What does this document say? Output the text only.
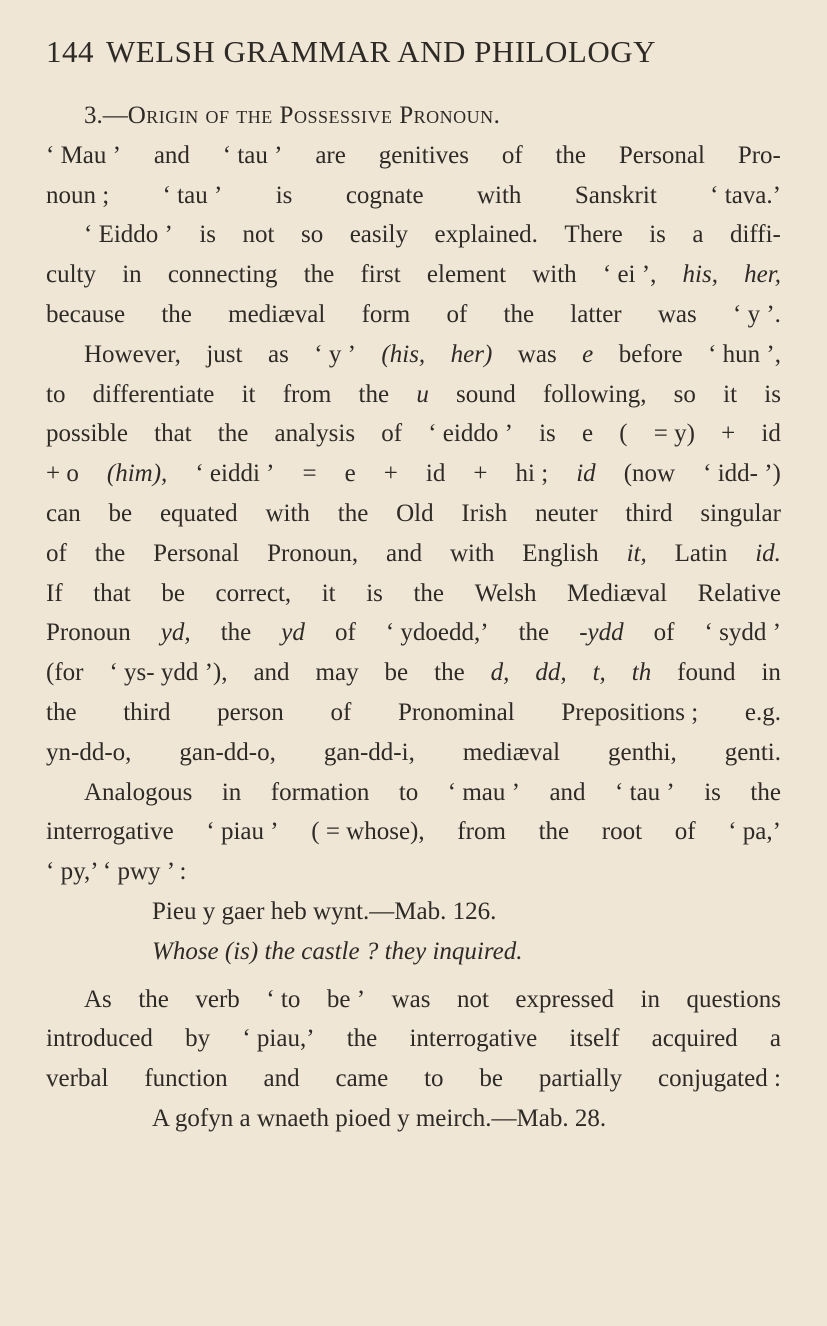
144 WELSH GRAMMAR AND PHILOLOGY
3.— Origin of the Possessive Pronoun.
‘ Mau ’ and ‘ tau ’ are genitives of the Personal Pro-
noun ; ‘ tau ’ is cognate with Sanskrit ‘ tava.’
‘ Eiddo ’ is not so easily explained. There is a diffi-
culty in connecting the first element with ‘ ei ’, his, her,
because the mediæval form of the latter was ‘ y ’.
However, just as ‘ y ’ (his, her) was e before ‘ hun ’,
to differentiate it from the u sound following, so it is
possible that the analysis of ‘ eiddo ’ is e ( = y) + id
+ o (him), ‘ eiddi ’ = e + id + hi ; id (now ‘ idd- ’)
can be equated with the Old Irish neuter third singular
of the Personal Pronoun, and with English it, Latin id.
If that be correct, it is the Welsh Mediæval Relative
Pronoun yd, the yd of ‘ ydoedd,’ the -ydd of ‘ sydd ’
(for ‘ ys- ydd ’), and may be the d, dd, t, th found in
the third person of Pronominal Prepositions ; e.g.
yn-dd-o, gan-dd-o, gan-dd-i, mediæval genthi, genti.
Analogous in formation to ‘ mau ’ and ‘ tau ’ is the
interrogative ‘ piau ’ ( = whose), from the root of ‘ pa,’
‘ py,’ ‘ pwy ’ :
Pieu y gaer heb wynt.—Mab. 126.
Whose (is) the castle ? they inquired.
As the verb ‘ to be ’ was not expressed in questions
introduced by ‘ piau,’ the interrogative itself acquired a
verbal function and came to be partially conjugated :
A gofyn a wnaeth pioed y meirch.—Mab. 28.
